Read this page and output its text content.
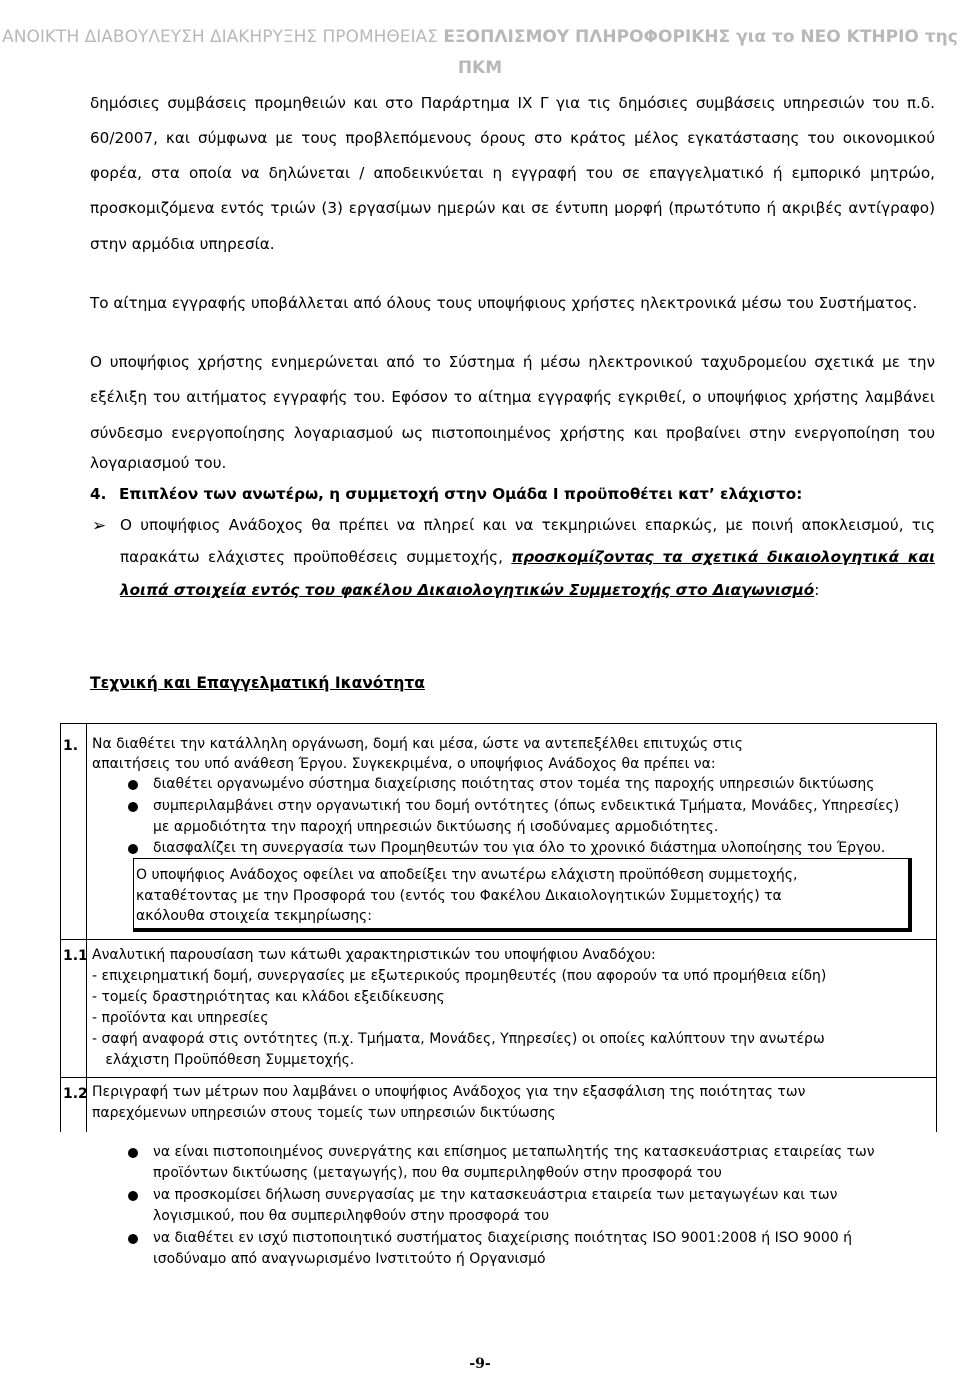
ΑΝΟΙΚΤΗ ΔΙΑΒΟΥΛΕΥΣΗ ΔΙΑΚΗΡΥΞΗΣ ΠΡΟΜΗΘΕΙΑΣ ΕΞΟΠΛΙΣΜΟΥ ΠΛΗΡΟΦΟΡΙΚΗΣ για το ΝΕΟ ΚΤΗΡΙΟ της
ΠΚΜ
δημόσιες συμβάσεις προμηθειών και στο Παράρτημα ΙΧ Γ για τις δημόσιες συμβάσεις υπηρεσιών του π.δ.
60/2007, και σύμφωνα με τους προβλεπόμενους όρους στο κράτος μέλος εγκατάστασης του οικονομικού
φορέα, στα οποία να δηλώνεται / αποδεικνύεται η εγγραφή του σε επαγγελματικό ή εμπορικό μητρώο,
προσκομιζόμενα εντός τριών (3) εργασίμων ημερών και σε έντυπη μορφή (πρωτότυπο ή ακριβές αντίγραφο)
στην αρμόδια υπηρεσία.
Το αίτημα εγγραφής υποβάλλεται από όλους τους υποψήφιους χρήστες ηλεκτρονικά μέσω του Συστήματος.
Ο υποψήφιος χρήστης ενημερώνεται από το Σύστημα ή μέσω ηλεκτρονικού ταχυδρομείου σχετικά με την
εξέλιξη του αιτήματος εγγραφής του. Εφόσον το αίτημα εγγραφής εγκριθεί, ο υποψήφιος χρήστης λαμβάνει
σύνδεσμο ενεργοποίησης λογαριασμού ως πιστοποιημένος χρήστης και προβαίνει στην ενεργοποίηση του
λογαριασμού του.
4. Επιπλέον των ανωτέρω, η συμμετοχή στην Ομάδα Ι προϋποθέτει κατ’ ελάχιστο:
➢ Ο υποψήφιος Ανάδοχος θα πρέπει να πληρεί και να τεκμηριώνει επαρκώς, με ποινή αποκλεισμού, τις
παρακάτω ελάχιστες προϋποθέσεις συμμετοχής, προσκομίζοντας τα σχετικά δικαιολογητικά και
λοιπά στοιχεία εντός του φακέλου Δικαιολογητικών Συμμετοχής στο Διαγωνισμό:
Τεχνική και Επαγγελματική Ικανότητα
1. Να διαθέτει την κατάλληλη οργάνωση, δομή και μέσα, ώστε να αντεπεξέλθει επιτυχώς στις
απαιτήσεις του υπό ανάθεση Έργου. Συγκεκριμένα, ο υποψήφιος Ανάδοχος θα πρέπει να:
διαθέτει οργανωμένο σύστημα διαχείρισης ποιότητας στον τομέα της παροχής υπηρεσιών δικτύωσης
συμπεριλαμβάνει στην οργανωτική του δομή οντότητες (όπως ενδεικτικά Τμήματα, Μονάδες, Υπηρεσίες)
με αρμοδιότητα την παροχή υπηρεσιών δικτύωσης ή ισοδύναμες αρμοδιότητες.
διασφαλίζει τη συνεργασία των Προμηθευτών του για όλο το χρονικό διάστημα υλοποίησης του Έργου.
Ο υποψήφιος Ανάδοχος οφείλει να αποδείξει την ανωτέρω ελάχιστη προϋπόθεση συμμετοχής,
καταθέτοντας με την Προσφορά του (εντός του Φακέλου Δικαιολογητικών Συμμετοχής) τα
ακόλουθα στοιχεία τεκμηρίωσης:
1.1 Αναλυτική παρουσίαση των κάτωθι χαρακτηριστικών του υποψήφιου Αναδόχου:
- επιχειρηματική δομή, συνεργασίες με εξωτερικούς προμηθευτές (που αφορούν τα υπό προμήθεια είδη)
- τομείς δραστηριότητας και κλάδοι εξειδίκευσης
- προϊόντα και υπηρεσίες
- σαφή αναφορά στις οντότητες (π.χ. Τμήματα, Μονάδες, Υπηρεσίες) οι οποίες καλύπτουν την ανωτέρω
ελάχιστη Προϋπόθεση Συμμετοχής.
1.2 Περιγραφή των μέτρων που λαμβάνει ο υποψήφιος Ανάδοχος για την εξασφάλιση της ποιότητας των
παρεχόμενων υπηρεσιών στους τομείς των υπηρεσιών δικτύωσης
να είναι πιστοποιημένος συνεργάτης και επίσημος μεταπωλητής της κατασκευάστριας εταιρείας των
προϊόντων δικτύωσης (μεταγωγής), που θα συμπεριληφθούν στην προσφορά του
να προσκομίσει δήλωση συνεργασίας με την κατασκευάστρια εταιρεία των μεταγωγέων και των
λογισμικού, που θα συμπεριληφθούν στην προσφορά του
να διαθέτει εν ισχύ πιστοποιητικό συστήματος διαχείρισης ποιότητας ISO 9001:2008 ή ISO 9000 ή
ισοδύναμο από αναγνωρισμένο Ινστιτούτο ή Οργανισμό
-9-
